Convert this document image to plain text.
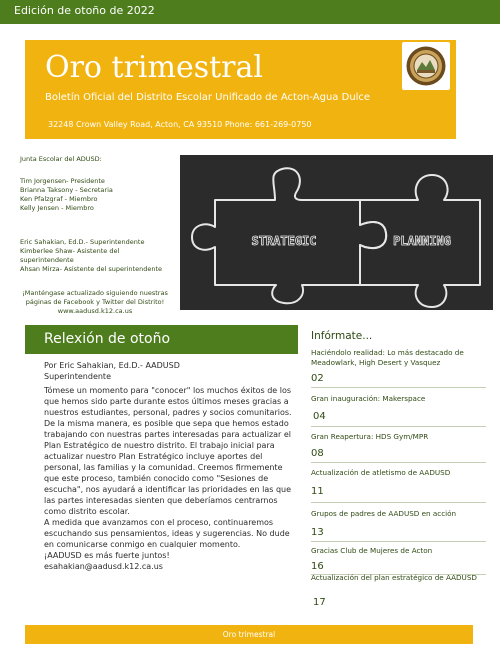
Edición de otoño de 2022
Oro trimestral
Boletín Oficial del Distrito Escolar Unificado de Acton-Agua Dulce
32248 Crown Valley Road, Acton, CA 93510 Phone: 661-269-0750
Junta Escolar del ADUSD:
Tim Jorgensen- Presidente
Brianna Taksony - Secretaria
Ken Pfalzgraf - Miembro
Kelly Jensen - Miembro
Eric Sahakian, Ed.D.- Superintendente
Kimberlee Shaw- Asistente del
superintendente
Ahsan Mirza- Asistente del superintendente
¡Manténgase actualizado siguiendo nuestras páginas de Facebook y Twitter del Distrito!
www.aadusd.k12.ca.us
STRATEGIC	PLANNING
Relexión de otoño
Por Eric Sahakian, Ed.D.- AADUSD
Superintendente

Tómese un momento para "conocer" los muchos éxitos de los que hemos sido parte durante estos últimos meses gracias a nuestros estudiantes, personal, padres y socios comunitarios.

De la misma manera, es posible que sepa que hemos estado trabajando con nuestras partes interesadas para actualizar el Plan Estratégico de nuestro distrito. El trabajo inicial para actualizar nuestro Plan Estratégico incluye aportes del personal, las familias y la comunidad. Creemos firmemente que este proceso, también conocido como "Sesiones de escucha", nos ayudará a identificar las prioridades en las que las partes interesadas sienten que deberíamos centrarnos como distrito escolar.

A medida que avanzamos con el proceso, continuaremos escuchando sus pensamientos, ideas y sugerencias. No dude en comunicarse conmigo en cualquier momento.

¡AADUSD es más fuerte juntos!

esahakian@aadusd.k12.ca.us

Infórmate...
Haciéndolo realidad: Lo más destacado de Meadowlark, High Desert y Vasquez
02
Gran inauguración: Makerspace
04
Gran Reapertura: HDS Gym/MPR
08
Actualización de atletismo de AADUSD
11
Grupos de padres de AADUSD en acción
13
Gracias Club de Mujeres de Acton
16
Actualización del plan estratégico de AADUSD
17
Oro trimestral
